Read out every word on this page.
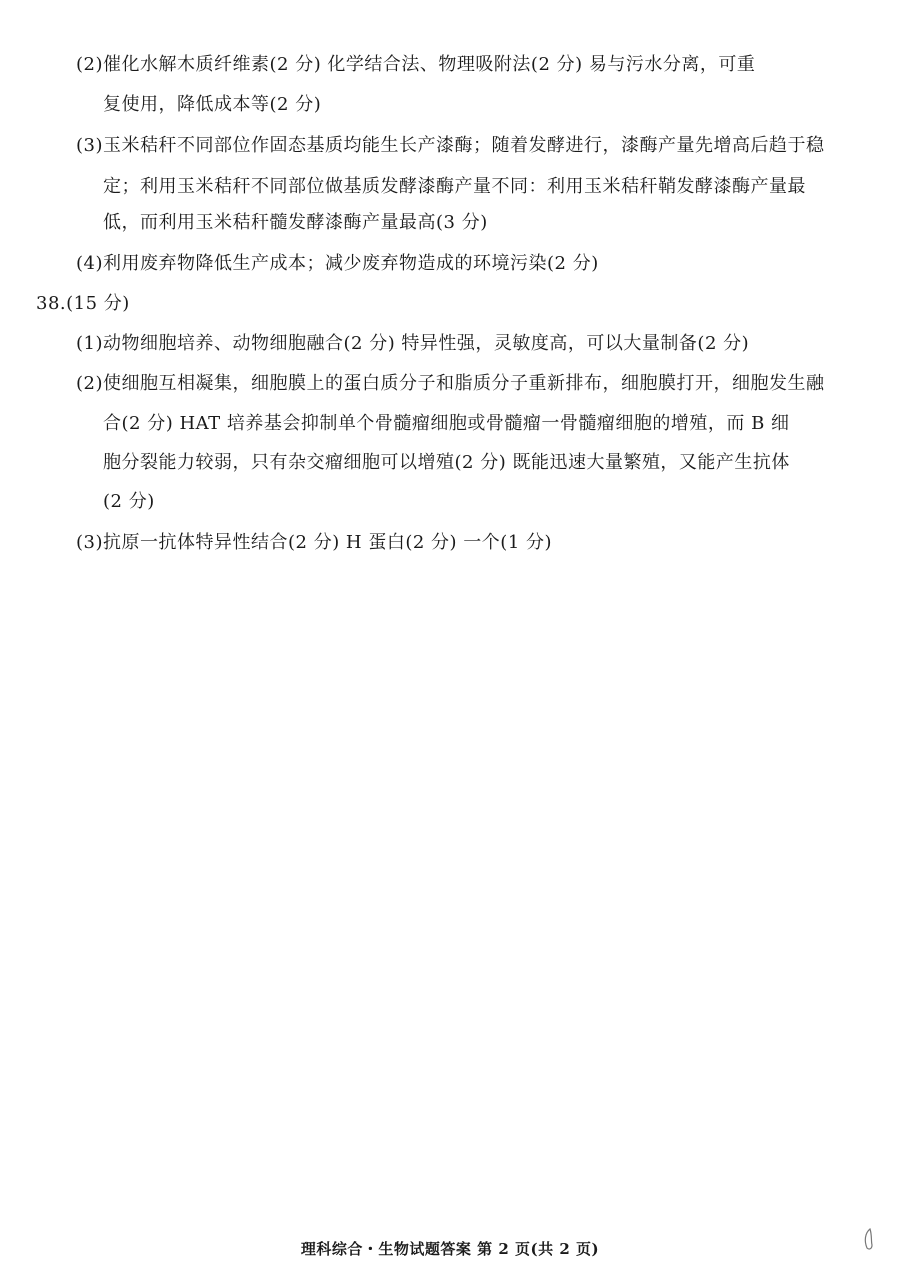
(2)催化水解木质纤维素(2 分) 化学结合法、物理吸附法(2 分) 易与污水分离，可重
复使用，降低成本等(2 分)
(3)玉米秸秆不同部位作固态基质均能生长产漆酶；随着发酵进行，漆酶产量先增高后趋于稳
定；利用玉米秸秆不同部位做基质发酵漆酶产量不同：利用玉米秸秆鞘发酵漆酶产量最
低，而利用玉米秸秆髓发酵漆酶产量最高(3 分)
(4)利用废弃物降低生产成本；减少废弃物造成的环境污染(2 分)
38.(15 分)
(1)动物细胞培养、动物细胞融合(2 分) 特异性强，灵敏度高，可以大量制备(2 分)
(2)使细胞互相凝集，细胞膜上的蛋白质分子和脂质分子重新排布，细胞膜打开，细胞发生融
合(2 分) HAT 培养基会抑制单个骨髓瘤细胞或骨髓瘤一骨髓瘤细胞的增殖，而 B 细
胞分裂能力较弱，只有杂交瘤细胞可以增殖(2 分) 既能迅速大量繁殖，又能产生抗体
(2 分)
(3)抗原一抗体特异性结合(2 分) H 蛋白(2 分) 一个(1 分)
理科综合・生物试题答案 第 2 页(共 2 页)
